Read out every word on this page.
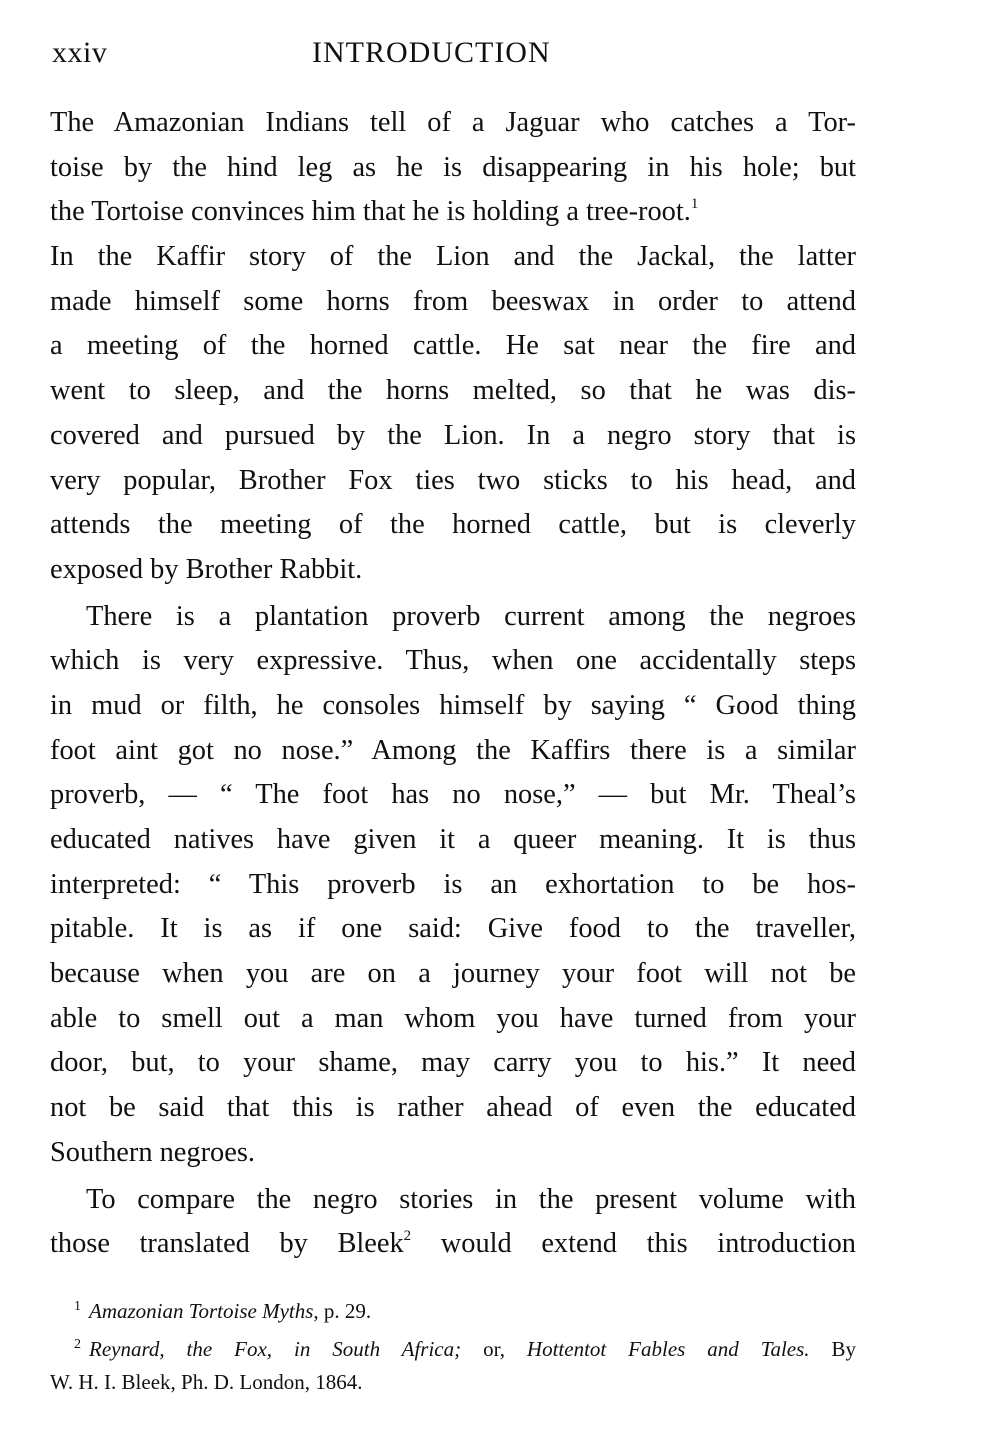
xxiv	INTRODUCTION

The Amazonian Indians tell of a Jaguar who catches a Tor-
toise by the hind leg as he is disappearing in his hole; but
the Tortoise convinces him that he is holding a tree-root.$^1$
In the Kaffir story of the Lion and the Jackal, the latter
made himself some horns from beeswax in order to attend
a meeting of the horned cattle. He sat near the fire and
went to sleep, and the horns melted, so that he was dis-
covered and pursued by the Lion. In a negro story that is
very popular, Brother Fox ties two sticks to his head, and
attends the meeting of the horned cattle, but is cleverly
exposed by Brother Rabbit.

There is a plantation proverb current among the negroes
which is very expressive. Thus, when one accidentally steps
in mud or filth, he consoles himself by saying “ Good thing
foot aint got no nose.” Among the Kaffirs there is a similar
proverb, — “ The foot has no nose,” — but Mr. Theal’s
educated natives have given it a queer meaning. It is thus
interpreted: “ This proverb is an exhortation to be hos-
pitable. It is as if one said: Give food to the traveller,
because when you are on a journey your foot will not be
able to smell out a man whom you have turned from your
door, but, to your shame, may carry you to his.” It need
not be said that this is rather ahead of even the educated
Southern negroes.

To compare the negro stories in the present volume with
those translated by Bleek$^2$ would extend this introduction

$^1$ Amazonian Tortoise Myths, p. 29.
$^2$ Reynard, the Fox, in South Africa; or, Hottentot Fables and Tales. By
W. H. I. Bleek, Ph. D. London, 1864.
